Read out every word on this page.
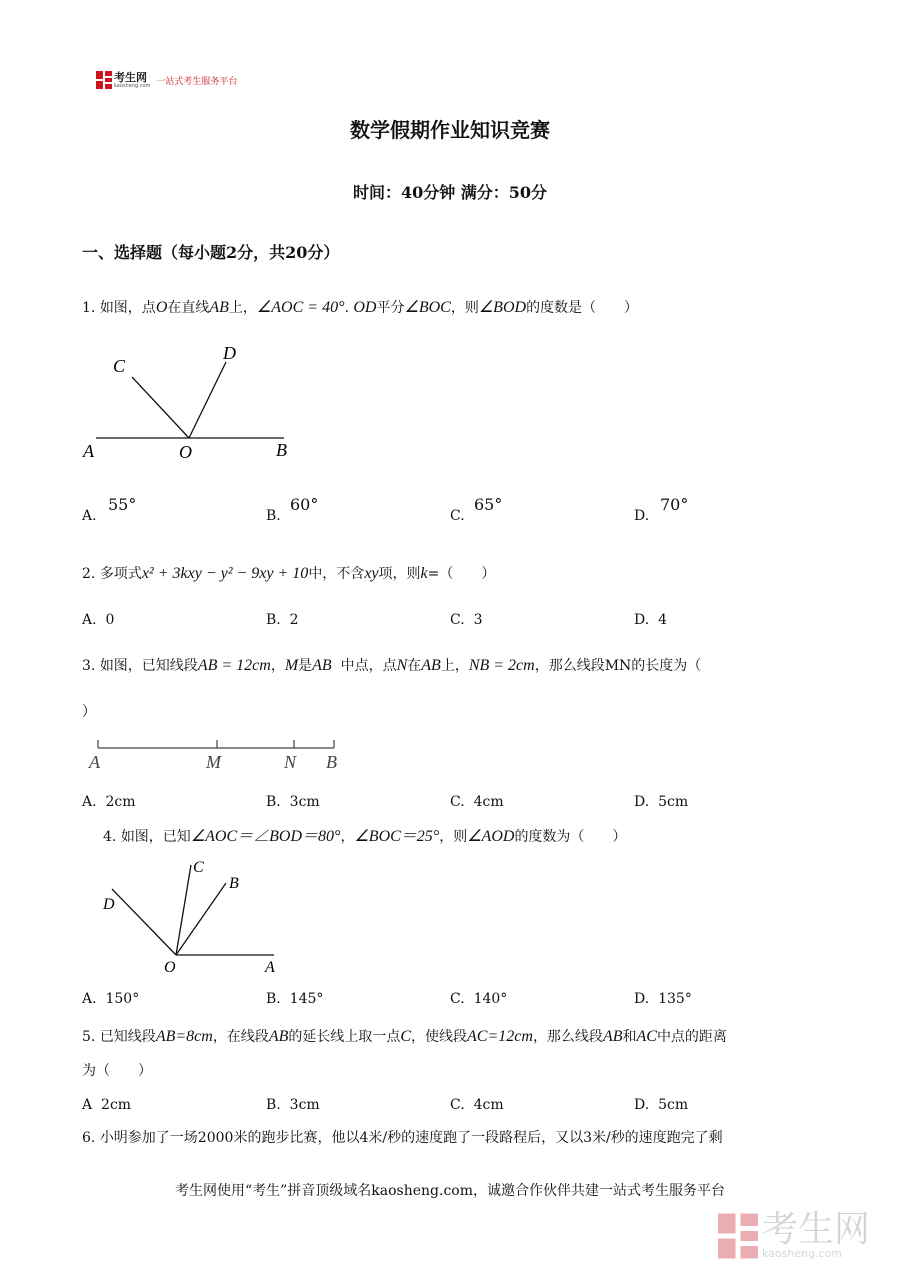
考生网
kaosheng.com 一站式考生服务平台
数学假期作业知识竞赛
时间：40分钟 满分：50分
一、选择题（每小题2分，共20分）
1. 如图，点O在直线AB上，∠AOC = 40°. OD平分∠BOC，则∠BOD的度数是（　　）
C
D
A	O	B
A.
55°
B.
60°
C.
65°
D.
70°
2. 多项式x² + 3kxy − y² − 9xy + 10中，不含xy项，则k=（　　）
A. 0	B. 2	C. 3	D. 4
3. 如图，已知线段AB = 12cm，M是AB 中点，点N在AB上，NB = 2cm，那么线段MN的长度为（
）
A	M	N B
A. 2cm	B. 3cm	C. 4cm	D. 5cm
4. 如图，已知∠AOC＝∠BOD＝80°，∠BOC＝25°，则∠AOD的度数为（　　）
C
B
D
O	A
A. 150°	B. 145°	C. 140°	D. 135°
5. 已知线段AB=8cm，在线段AB的延长线上取一点C，使线段AC=12cm，那么线段AB和AC中点的距离
为（　　）
A 2cm	B. 3cm	C. 4cm	D. 5cm
6. 小明参加了一场2000米的跑步比赛，他以4米/秒的速度跑了一段路程后，又以3米/秒的速度跑完了剩
考生网使用“考生”拼音顶级域名kaosheng.com，诚邀合作伙伴共建一站式考生服务平台
考生网
kaosheng.com
